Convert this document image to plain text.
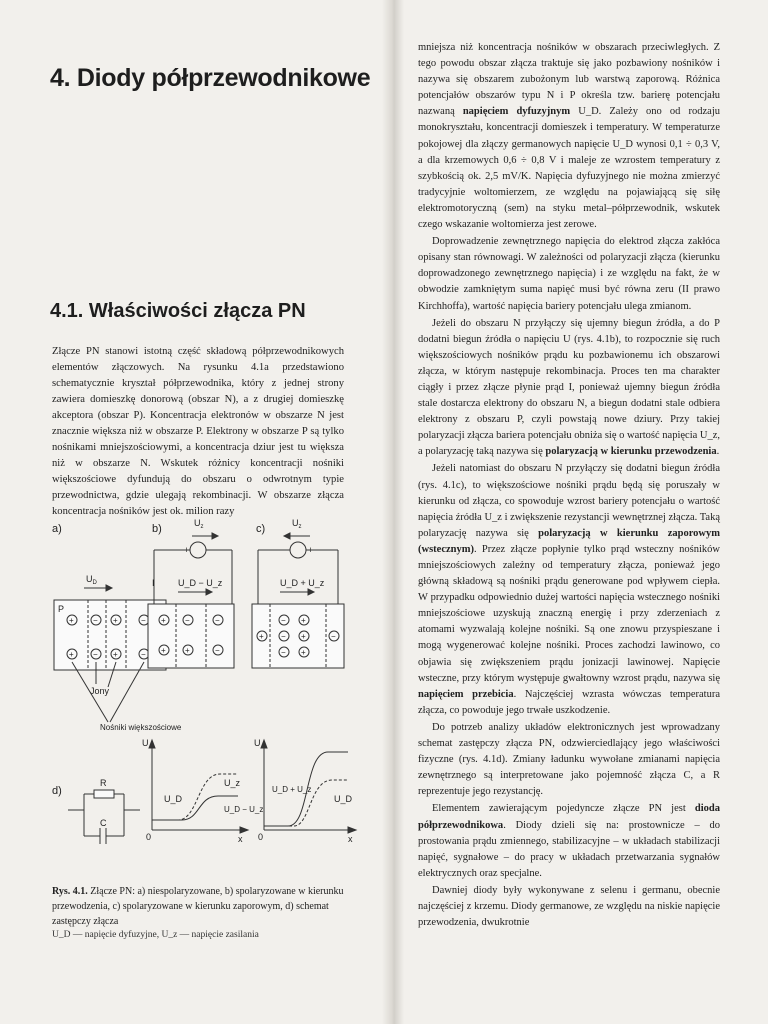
4. Diody półprzewodnikowe
4.1. Właściwości złącza PN

Złącze PN stanowi istotną część składową półprzewodnikowych elementów złączowych. Na rysunku 4.1a przedstawiono schematycznie kryształ półprzewodnika, który z jednej strony zawiera domieszkę donorową (obszar N), a z drugiej domieszkę akceptora (obszar P). Koncentracja elektronów w obszarze N jest znacznie większa niż w obszarze P. Elektrony w obszarze P są tylko nośnikami mniejszościowymi, a koncentracja dziur jest tu większa niż w obszarze N. Wskutek różnicy koncentracji nośniki większościowe dyfundują do obszaru o odwrotnym typie przewodnictwa, gdzie ulegają rekombinacji. W obszarze złącza koncentracja nośników jest ok. milion razy

a)
$U_D$
P
+
+
−
−
+
+
−
−
Jony
Nośniki większościowe
b)	$U_z$
+ −
I	U_D − U_z
+
+
−
+
−
−
c)	$U_z$
− +
U_D + U_z
+
−
−
−
+
+
+
−
U
0	x
U_D
U_z
U_D − U_z
U
0	x
U_D + U_z
U_D
d)
R
C
Rys. 4.1. Złącze PN: a) niespolaryzowane, b) spolaryzowane w kierunku przewodzenia, c) spolaryzowane w kierunku zaporowym, d) schemat zastępczy złącza
U_D — napięcie dyfuzyjne, U_z — napięcie zasilania

mniejsza niż koncentracja nośników w obszarach przeciwległych. Z tego powodu obszar złącza traktuje się jako pozbawiony nośników i nazywa się obszarem zubożonym lub warstwą zaporową. Różnica potencjałów obszarów typu N i P określa tzw. barierę potencjału nazwaną napięciem dyfuzyjnym U_D. Zależy ono od rodzaju monokryształu, koncentracji domieszek i temperatury. W temperaturze pokojowej dla złączy germanowych napięcie U_D wynosi 0,1 ÷ 0,3 V, a dla krzemowych 0,6 ÷ 0,8 V i maleje ze wzrostem temperatury z szybkością ok. 2,5 mV/K. Napięcia dyfuzyjnego nie można zmierzyć tradycyjnie woltomierzem, ze względu na pojawiającą się siłę elektromotoryczną (sem) na styku metal–półprzewodnik, wskutek czego wskazanie woltomierza jest zerowe.

Doprowadzenie zewnętrznego napięcia do elektrod złącza zakłóca opisany stan równowagi. W zależności od polaryzacji złącza (kierunku doprowadzonego zewnętrznego napięcia) i ze względu na fakt, że w obwodzie zamkniętym suma napięć musi być równa zeru (II prawo Kirchhoffa), wartość napięcia bariery potencjału ulega zmianom.

Jeżeli do obszaru N przyłączy się ujemny biegun źródła, a do P dodatni biegun źródła o napięciu U (rys. 4.1b), to rozpocznie się ruch większościowych nośników prądu ku pozbawionemu ich obszarowi złącza, w którym następuje rekombinacja. Proces ten ma charakter ciągły i przez złącze płynie prąd I, ponieważ ujemny biegun źródła stale dostarcza elektrony do obszaru N, a biegun dodatni stale odbiera elektrony z obszaru P, czyli powstają nowe dziury. Przy takiej polaryzacji złącza bariera potencjału obniża się o wartość napięcia U_z, a polaryzację taką nazywa się polaryzacją w kierunku przewodzenia.

Jeżeli natomiast do obszaru N przyłączy się dodatni biegun źródła (rys. 4.1c), to większościowe nośniki prądu będą się poruszały w kierunku od złącza, co spowoduje wzrost bariery potencjału o wartość napięcia źródła U_z i zwiększenie rezystancji wewnętrznej złącza. Taką polaryzację nazywa się polaryzacją w kierunku zaporowym (wstecznym). Przez złącze popłynie tylko prąd wsteczny nośników mniejszościowych zależny od temperatury złącza, ponieważ jego główną składową są nośniki prądu generowane pod wpływem ciepła. W przypadku odpowiednio dużej wartości napięcia wstecznego nośniki mniejszościowe uzyskują znaczną energię i przy zderzeniach z atomami wyzwalają kolejne nośniki. Są one znowu przyspieszane i mogą wygenerować kolejne nośniki. Proces zachodzi lawinowo, co objawia się zwiększeniem prądu jonizacji lawinowej. Napięcie wsteczne, przy którym występuje gwałtowny wzrost prądu, nazywa się napięciem przebicia. Najczęściej wzrasta wówczas temperatura złącza, co powoduje jego trwałe uszkodzenie.

Do potrzeb analizy układów elektronicznych jest wprowadzany schemat zastępczy złącza PN, odzwierciedlający jego właściwości fizyczne (rys. 4.1d). Zmiany ładunku wywołane zmianami napięcia zewnętrznego są interpretowane jako pojemność złącza C, a R reprezentuje jego rezystancję.

Elementem zawierającym pojedyncze złącze PN jest dioda półprzewodnikowa. Diody dzieli się na: prostownicze – do prostowania prądu zmiennego, stabilizacyjne – w układach stabilizacji napięć, sygnałowe – do pracy w układach przetwarzania sygnałów elektrycznych oraz specjalne.

Dawniej diody były wykonywane z selenu i germanu, obecnie najczęściej z krzemu. Diody germanowe, ze względu na niskie napięcie przewodzenia, dwukrotnie
